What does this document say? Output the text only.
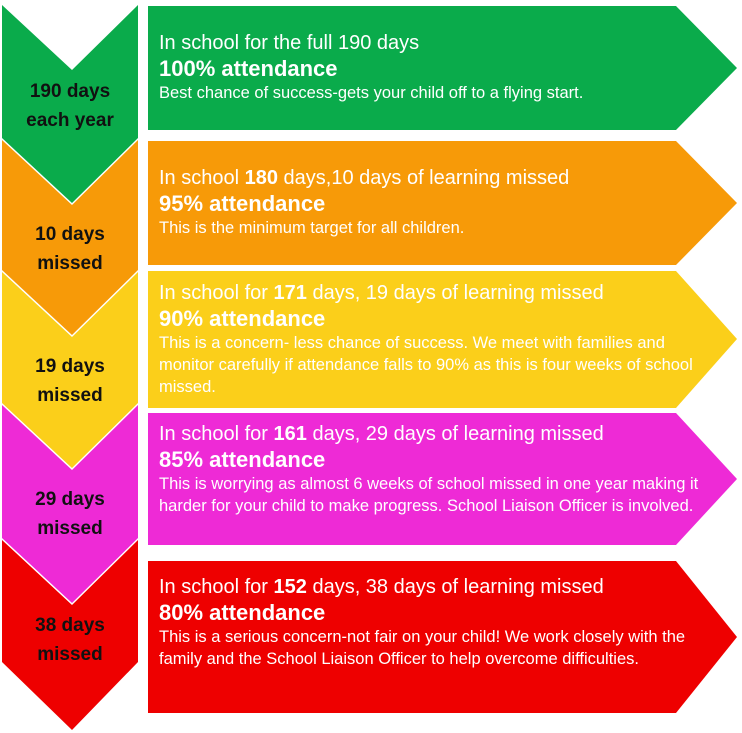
190 days
each year
10 days
missed
19 days
missed
29 days
missed
38 days
missed
In school for the full 190 days
100% attendance
Best chance of success-gets your child off to a flying start.
In school 180 days,10 days of learning missed
95% attendance
This is the minimum target for all children.
In school for 171 days, 19 days of learning missed
90% attendance
This is a concern- less chance of success. We meet with families and monitor carefully if attendance falls to 90% as this is four weeks of school missed.
In school for 161 days, 29 days of learning missed
85% attendance
This is worrying as almost 6 weeks of school missed in one year making it harder for your child to make progress. School Liaison Officer is involved.
In school for 152 days, 38 days of learning missed
80% attendance
This is a serious concern-not fair on your child! We work closely with the family and the School Liaison Officer to help overcome difficulties.
